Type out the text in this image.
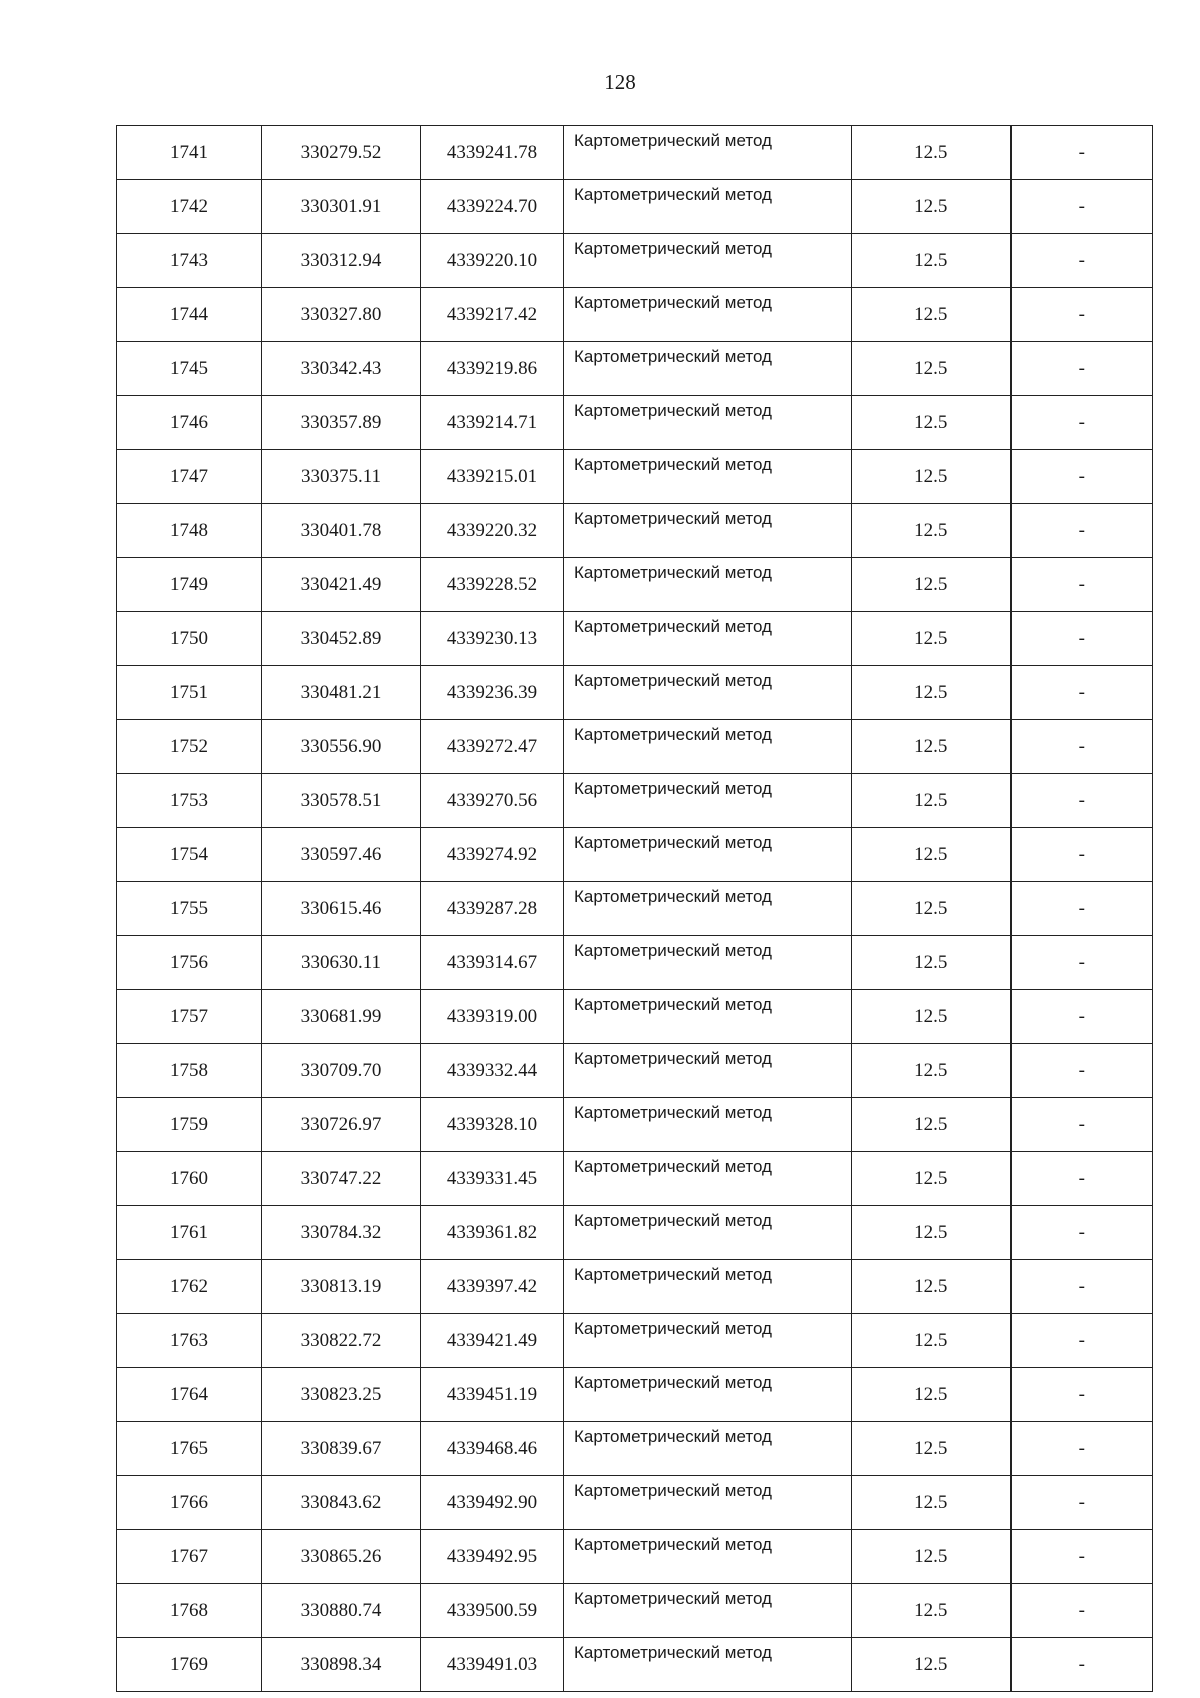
128
1741	330279.52	4339241.78	Картометрический метод	12.5	-
1742	330301.91	4339224.70	Картометрический метод	12.5	-
1743	330312.94	4339220.10	Картометрический метод	12.5	-
1744	330327.80	4339217.42	Картометрический метод	12.5	-
1745	330342.43	4339219.86	Картометрический метод	12.5	-
1746	330357.89	4339214.71	Картометрический метод	12.5	-
1747	330375.11	4339215.01	Картометрический метод	12.5	-
1748	330401.78	4339220.32	Картометрический метод	12.5	-
1749	330421.49	4339228.52	Картометрический метод	12.5	-
1750	330452.89	4339230.13	Картометрический метод	12.5	-
1751	330481.21	4339236.39	Картометрический метод	12.5	-
1752	330556.90	4339272.47	Картометрический метод	12.5	-
1753	330578.51	4339270.56	Картометрический метод	12.5	-
1754	330597.46	4339274.92	Картометрический метод	12.5	-
1755	330615.46	4339287.28	Картометрический метод	12.5	-
1756	330630.11	4339314.67	Картометрический метод	12.5	-
1757	330681.99	4339319.00	Картометрический метод	12.5	-
1758	330709.70	4339332.44	Картометрический метод	12.5	-
1759	330726.97	4339328.10	Картометрический метод	12.5	-
1760	330747.22	4339331.45	Картометрический метод	12.5	-
1761	330784.32	4339361.82	Картометрический метод	12.5	-
1762	330813.19	4339397.42	Картометрический метод	12.5	-
1763	330822.72	4339421.49	Картометрический метод	12.5	-
1764	330823.25	4339451.19	Картометрический метод	12.5	-
1765	330839.67	4339468.46	Картометрический метод	12.5	-
1766	330843.62	4339492.90	Картометрический метод	12.5	-
1767	330865.26	4339492.95	Картометрический метод	12.5	-
1768	330880.74	4339500.59	Картометрический метод	12.5	-
1769	330898.34	4339491.03	Картометрический метод	12.5	-
